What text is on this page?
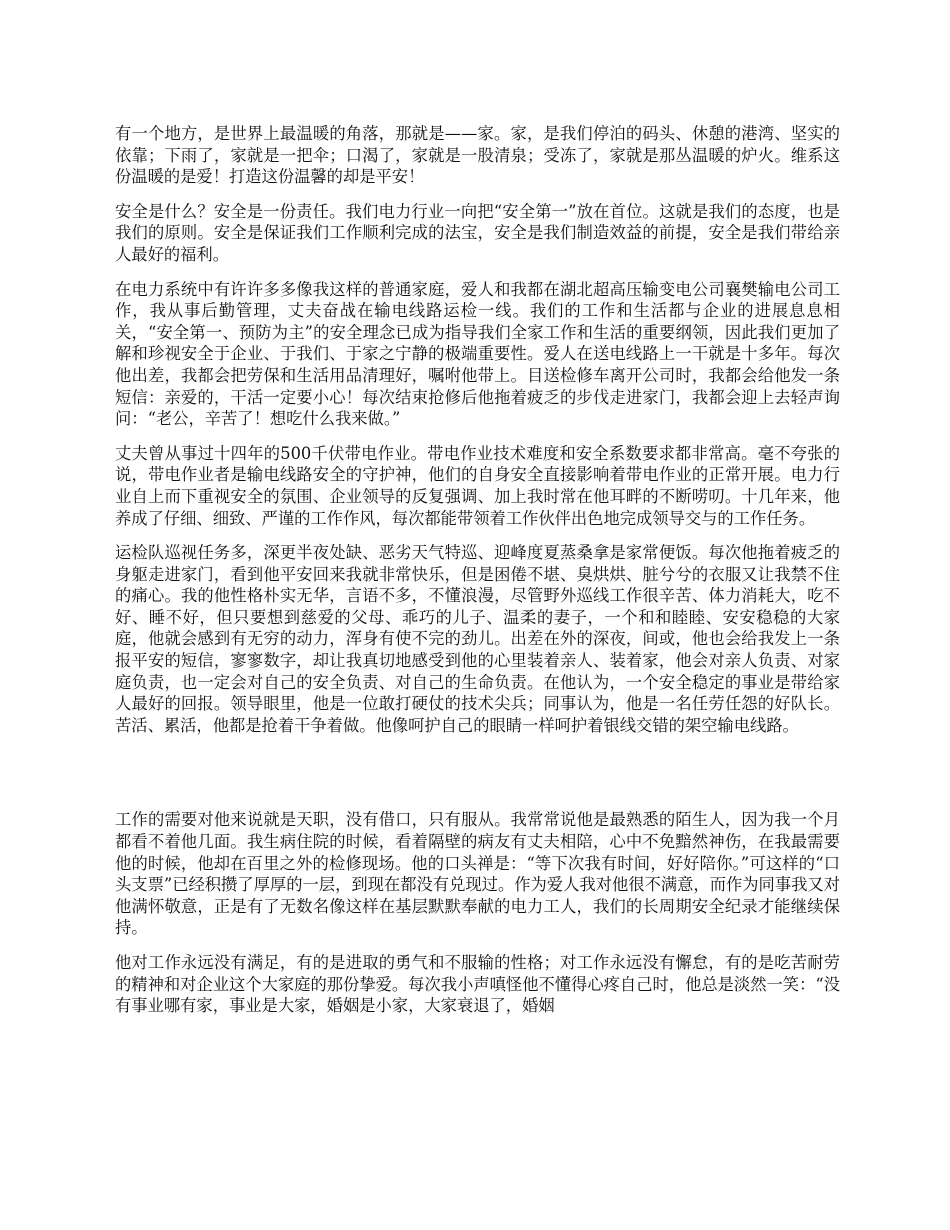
有一个地方，是世界上最温暖的角落，那就是——家。家，是我们停泊的码头、休憩的港湾、坚实的依靠；下雨了，家就是一把伞；口渴了，家就是一股清泉；受冻了，家就是那丛温暖的炉火。维系这份温暖的是爱！打造这份温馨的却是平安！

安全是什么？安全是一份责任。我们电力行业一向把“安全第一”放在首位。这就是我们的态度，也是我们的原则。安全是保证我们工作顺利完成的法宝，安全是我们制造效益的前提，安全是我们带给亲人最好的福利。

在电力系统中有许许多多像我这样的普通家庭，爱人和我都在湖北超高压输变电公司襄樊输电公司工作，我从事后勤管理，丈夫奋战在输电线路运检一线。我们的工作和生活都与企业的进展息息相关，“安全第一、预防为主”的安全理念已成为指导我们全家工作和生活的重要纲领，因此我们更加了解和珍视安全于企业、于我们、于家之宁静的极端重要性。爱人在送电线路上一干就是十多年。每次他出差，我都会把劳保和生活用品清理好，嘱咐他带上。目送检修车离开公司时，我都会给他发一条短信：亲爱的，干活一定要小心！每次结束抢修后他拖着疲乏的步伐走进家门，我都会迎上去轻声询问：“老公，辛苦了！想吃什么我来做。”

丈夫曾从事过十四年的500千伏带电作业。带电作业技术难度和安全系数要求都非常高。毫不夸张的说，带电作业者是输电线路安全的守护神，他们的自身安全直接影响着带电作业的正常开展。电力行业自上而下重视安全的氛围、企业领导的反复强调、加上我时常在他耳畔的不断唠叨。十几年来，他养成了仔细、细致、严谨的工作作风，每次都能带领着工作伙伴出色地完成领导交与的工作任务。

运检队巡视任务多，深更半夜处缺、恶劣天气特巡、迎峰度夏蒸桑拿是家常便饭。每次他拖着疲乏的身躯走进家门，看到他平安回来我就非常快乐，但是困倦不堪、臭烘烘、脏兮兮的衣服又让我禁不住的痛心。我的他性格朴实无华，言语不多，不懂浪漫，尽管野外巡线工作很辛苦、体力消耗大，吃不好、睡不好，但只要想到慈爱的父母、乖巧的儿子、温柔的妻子，一个和和睦睦、安安稳稳的大家庭，他就会感到有无穷的动力，浑身有使不完的劲儿。出差在外的深夜，间或，他也会给我发上一条报平安的短信，寥寥数字，却让我真切地感受到他的心里装着亲人、装着家，他会对亲人负责、对家庭负责，也一定会对自己的安全负责、对自己的生命负责。在他认为，一个安全稳定的事业是带给家人最好的回报。领导眼里，他是一位敢打硬仗的技术尖兵；同事认为，他是一名任劳任怨的好队长。苦活、累活，他都是抢着干争着做。他像呵护自己的眼睛一样呵护着银线交错的架空输电线路。

工作的需要对他来说就是天职，没有借口，只有服从。我常常说他是最熟悉的陌生人，因为我一个月都看不着他几面。我生病住院的时候，看着隔壁的病友有丈夫相陪，心中不免黯然神伤，在我最需要他的时候，他却在百里之外的检修现场。他的口头禅是：“等下次我有时间，好好陪你。”可这样的“口头支票”已经积攒了厚厚的一层，到现在都没有兑现过。作为爱人我对他很不满意，而作为同事我又对他满怀敬意，正是有了无数名像这样在基层默默奉献的电力工人，我们的长周期安全纪录才能继续保持。

他对工作永远没有满足，有的是进取的勇气和不服输的性格；对工作永远没有懈怠，有的是吃苦耐劳的精神和对企业这个大家庭的那份挚爱。每次我小声嗔怪他不懂得心疼自己时，他总是淡然一笑：“没有事业哪有家，事业是大家，婚姻是小家，大家衰退了，婚姻
